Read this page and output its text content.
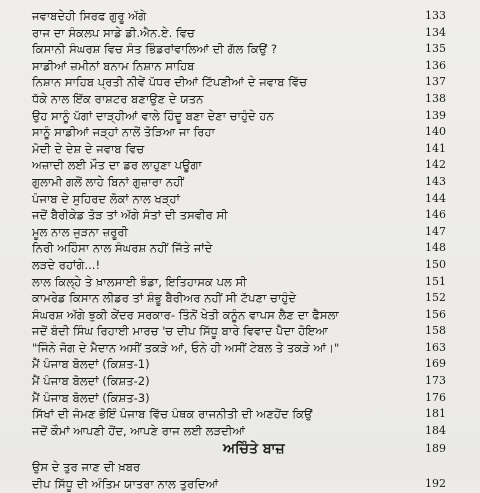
ਜਵਾਬਦੇਹੀ ਸਿਰਫ ਗੁਰੂ ਅੱਗੇ	133
ਰਾਜ ਦਾ ਸੰਕਲਪ ਸਾਡੇ ਡੀ.ਐਨ.ਏ. ਵਿਚ	134
ਕਿਸਾਨੀ ਸੰਘਰਸ਼ ਵਿਚ ਸੰਤ ਭਿੰਡਰਾਂਵਾਲਿਆਂ ਦੀ ਗੱਲ ਕਿਉਂ ?	135
ਸਾਡੀਆਂ ਜ਼ਮੀਨਾਂ ਬਨਾਮ ਨਿਸ਼ਾਨ ਸਾਹਿਬ	136
ਨਿਸ਼ਾਨ ਸਾਹਿਬ ਪ੍ਰਤੀ ਨੀਵੇਂ ਪੱਧਰ ਦੀਆਂ ਟਿੱਪਣੀਆਂ ਦੇ ਜਵਾਬ ਵਿੱਚ	137
ਧੱਕੇ ਨਾਲ ਇੱਕ ਰਾਸ਼ਟਰ ਬਣਾਉਣ ਦੇ ਯਤਨ	138
ਉਹ ਸਾਨੂੰ ਪੱਗਾਂ ਦਾੜ੍ਹੀਆਂ ਵਾਲੇ ਹਿੰਦੂ ਬਣਾ ਦੇਣਾ ਚਾਹੁੰਦੇ ਹਨ	139
ਸਾਨੂੰ ਸਾਡੀਆਂ ਜੜ੍ਹਾਂ ਨਾਲੋਂ ਤੋੜਿਆ ਜਾ ਰਿਹਾ	140
ਮੋਦੀ ਦੇ ਦੇਸ਼ ਦੇ ਜਵਾਬ ਵਿਚ	141
ਅਜ਼ਾਦੀ ਲਈ ਮੌਤ ਦਾ ਡਰ ਲਾਹੁਣਾ ਪਊਗਾ	142
ਗੁਲਾਮੀ ਗਲੋਂ ਲਾਹੇ ਬਿਨਾਂ ਗੁਜ਼ਾਰਾ ਨਹੀਂ	143
ਪੰਜਾਬ ਦੇ ਸੁਹਿਰਦ ਲੋਕਾਂ ਨਾਲ ਖੜ੍ਹਾਂ	144
ਜਦੋਂ ਬੈਰੀਕੇਡ ਤੋੜ ਤਾਂ ਅੱਗੇ ਸੰਤਾਂ ਦੀ ਤਸਵੀਰ ਸੀ	146
ਮੂਲ ਨਾਲ ਜੁੜਨਾ ਜ਼ਰੂਰੀ	147
ਨਿਰੀ ਅਹਿੰਸਾ ਨਾਲ ਸੰਘਰਸ਼ ਨਹੀਂ ਜਿੱਤੇ ਜਾਂਦੇ	148
ਲੜਦੇ ਰਹਾਂਗੇ...!	150
ਲਾਲ ਕਿਲ੍ਹੇ ਤੇ ਖ਼ਾਲਸਾਈ ਝੰਡਾ, ਇਤਿਹਾਸਕ ਪਲ ਸੀ	151
ਕਾਮਰੇਡ ਕਿਸਾਨ ਲੀਡਰ ਤਾਂ ਸ਼ੰਭੂ ਬੈਰੀਅਰ ਨਹੀਂ ਸੀ ਟੱਪਣਾ ਚਾਹੁੰਦੇ	152
ਸੰਘਰਸ਼ ਅੱਗੇ ਝੁਕੀ ਕੇਂਦਰ ਸਰਕਾਰ- ਤਿੰਨੋਂ ਖੇਤੀ ਕਨੂੰਨ ਵਾਪਸ ਲੈਣ ਦਾ ਫੈਸਲਾ	156
ਜਦੋਂ ਬੰਦੀ ਸਿੰਘ ਰਿਹਾਈ ਮਾਰਚ 'ਚ ਦੀਪ ਸਿੱਧੂ ਬਾਰੇ ਵਿਵਾਦ ਪੈਦਾ ਹੋਇਆ	158
"ਜਿੰਨੇ ਜੋਗ ਦੇ ਮੈਦਾਨ ਅਸੀਂ ਤਕੜੇ ਆਂ, ਓਨੇ ਹੀ ਅਸੀਂ ਟੇਬਲ ਤੇ ਤਕੜੇ ਆਂ।"	163
ਮੈਂ ਪੰਜਾਬ ਬੋਲਦਾਂ (ਕਿਸ਼ਤ-1)	169
ਮੈਂ ਪੰਜਾਬ ਬੋਲਦਾਂ (ਕਿਸ਼ਤ-2)	173
ਮੈਂ ਪੰਜਾਬ ਬੋਲਦਾਂ (ਕਿਸ਼ਤ-3)	176
ਸਿੱਖਾਂ ਦੀ ਜੰਮਣ ਭੋਇੰ ਪੰਜਾਬ ਵਿੱਚ ਪੰਥਕ ਰਾਜਨੀਤੀ ਦੀ ਅਣਹੋਂਦ ਕਿਉਂ	181
ਜਦੋਂ ਕੌਮਾਂ ਆਪਣੀ ਹੋਂਦ, ਆਪਣੇ ਰਾਜ ਲਈ ਲੜਦੀਆਂ	184
ਅਚਿੰਤੇ ਬਾਜ਼	189
ਉਸ ਦੇ ਤੁਰ ਜਾਣ ਦੀ ਖ਼ਬਰ
ਦੀਪ ਸਿੱਧੂ ਦੀ ਅੰਤਿਮ ਯਾਤਰਾ ਨਾਲ ਤੁਰਦਿਆਂ	192
